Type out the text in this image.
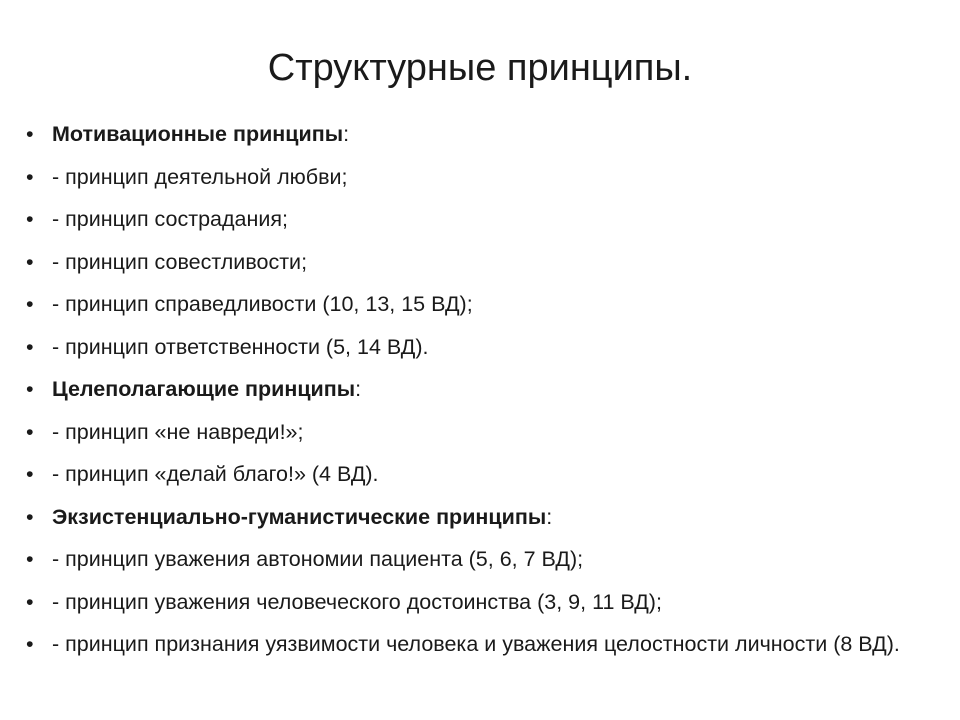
Структурные принципы.
• Мотивационные принципы:
• - принцип деятельной любви;
• - принцип сострадания;
• - принцип совестливости;
• - принцип справедливости (10, 13, 15 ВД);
• - принцип ответственности (5, 14 ВД).
• Целеполагающие принципы:
• - принцип «не навреди!»;
• - принцип «делай благо!» (4 ВД).
• Экзистенциально-гуманистические принципы:
• - принцип уважения автономии пациента (5, 6, 7 ВД);
• - принцип уважения человеческого достоинства (3, 9, 11 ВД);
• - принцип признания уязвимости человека и уважения целостности личности (8 ВД).
